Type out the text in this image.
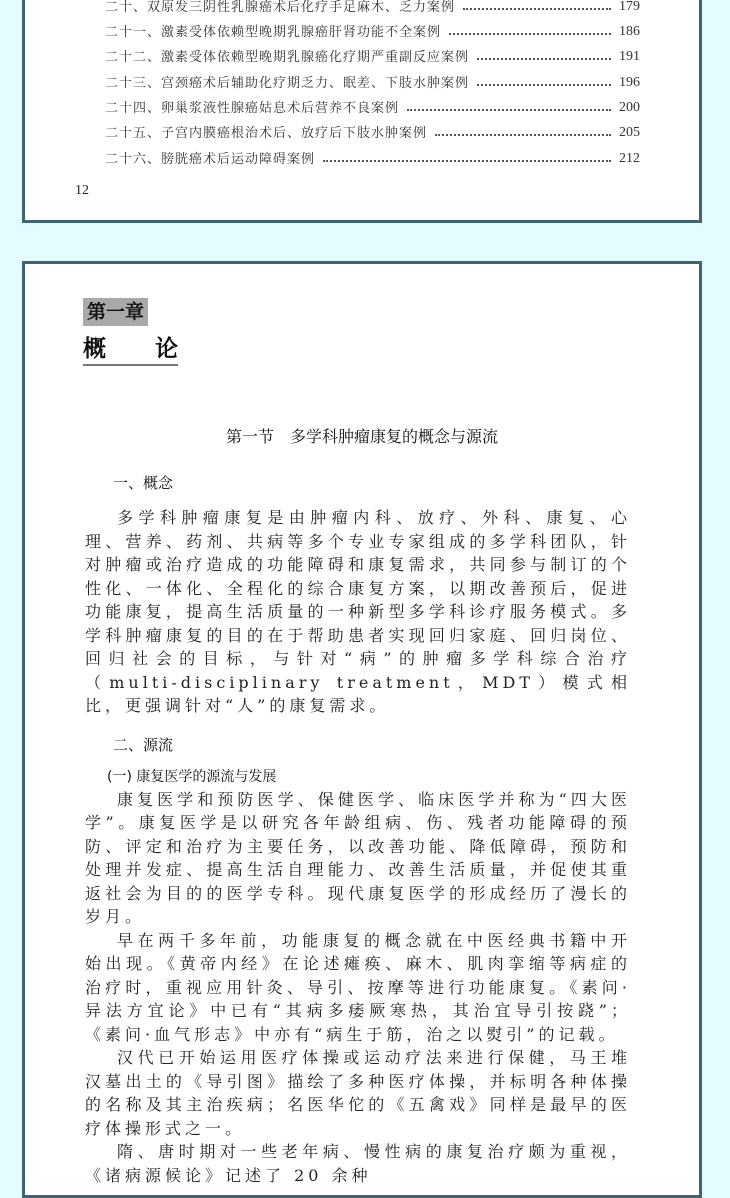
二十、双原发三阴性乳腺癌术后化疗手足麻木、乏力案例	179
二十一、激素受体依赖型晚期乳腺癌肝肾功能不全案例	186
二十二、激素受体依赖型晚期乳腺癌化疗期严重副反应案例	191
二十三、宫颈癌术后辅助化疗期乏力、眠差、下肢水肿案例	196
二十四、卵巢浆液性腺癌姑息术后营养不良案例	200
二十五、子宫内膜癌根治术后、放疗后下肢水肿案例	205
二十六、膀胱癌术后运动障碍案例	212
12
第一章
概 论
第一节　多学科肿瘤康复的概念与源流
一、概念

多学科肿瘤康复是由肿瘤内科、放疗、外科、康复、心理、营养、药剂、共病等多个专业专家组成的多学科团队，针对肿瘤或治疗造成的功能障碍和康复需求，共同参与制订的个性化、一体化、全程化的综合康复方案，以期改善预后，促进功能康复，提高生活质量的一种新型多学科诊疗服务模式。多学科肿瘤康复的目的在于帮助患者实现回归家庭、回归岗位、回归社会的目标，与针对“病”的肿瘤多学科综合治疗（multi-disciplinary treatment，MDT）模式相比，更强调针对“人”的康复需求。

二、源流
(一) 康复医学的源流与发展

康复医学和预防医学、保健医学、临床医学并称为“四大医学”。康复医学是以研究各年龄组病、伤、残者功能障碍的预防、评定和治疗为主要任务，以改善功能、降低障碍，预防和处理并发症、提高生活自理能力、改善生活质量，并促使其重返社会为目的的医学专科。现代康复医学的形成经历了漫长的岁月。

早在两千多年前，功能康复的概念就在中医经典书籍中开始出现。《黄帝内经》在论述瘫痪、麻木、肌肉挛缩等病症的治疗时，重视应用针灸、导引、按摩等进行功能康复。《素问·异法方宜论》中已有“其病多痿厥寒热，其治宜导引按跷”；《素问·血气形志》中亦有“病生于筋，治之以熨引”的记载。

汉代已开始运用医疗体操或运动疗法来进行保健，马王堆汉墓出土的《导引图》描绘了多种医疗体操，并标明各种体操的名称及其主治疾病；名医华佗的《五禽戏》同样是最早的医疗体操形式之一。

隋、唐时期对一些老年病、慢性病的康复治疗颇为重视，《诸病源候论》记述了 20 余种
